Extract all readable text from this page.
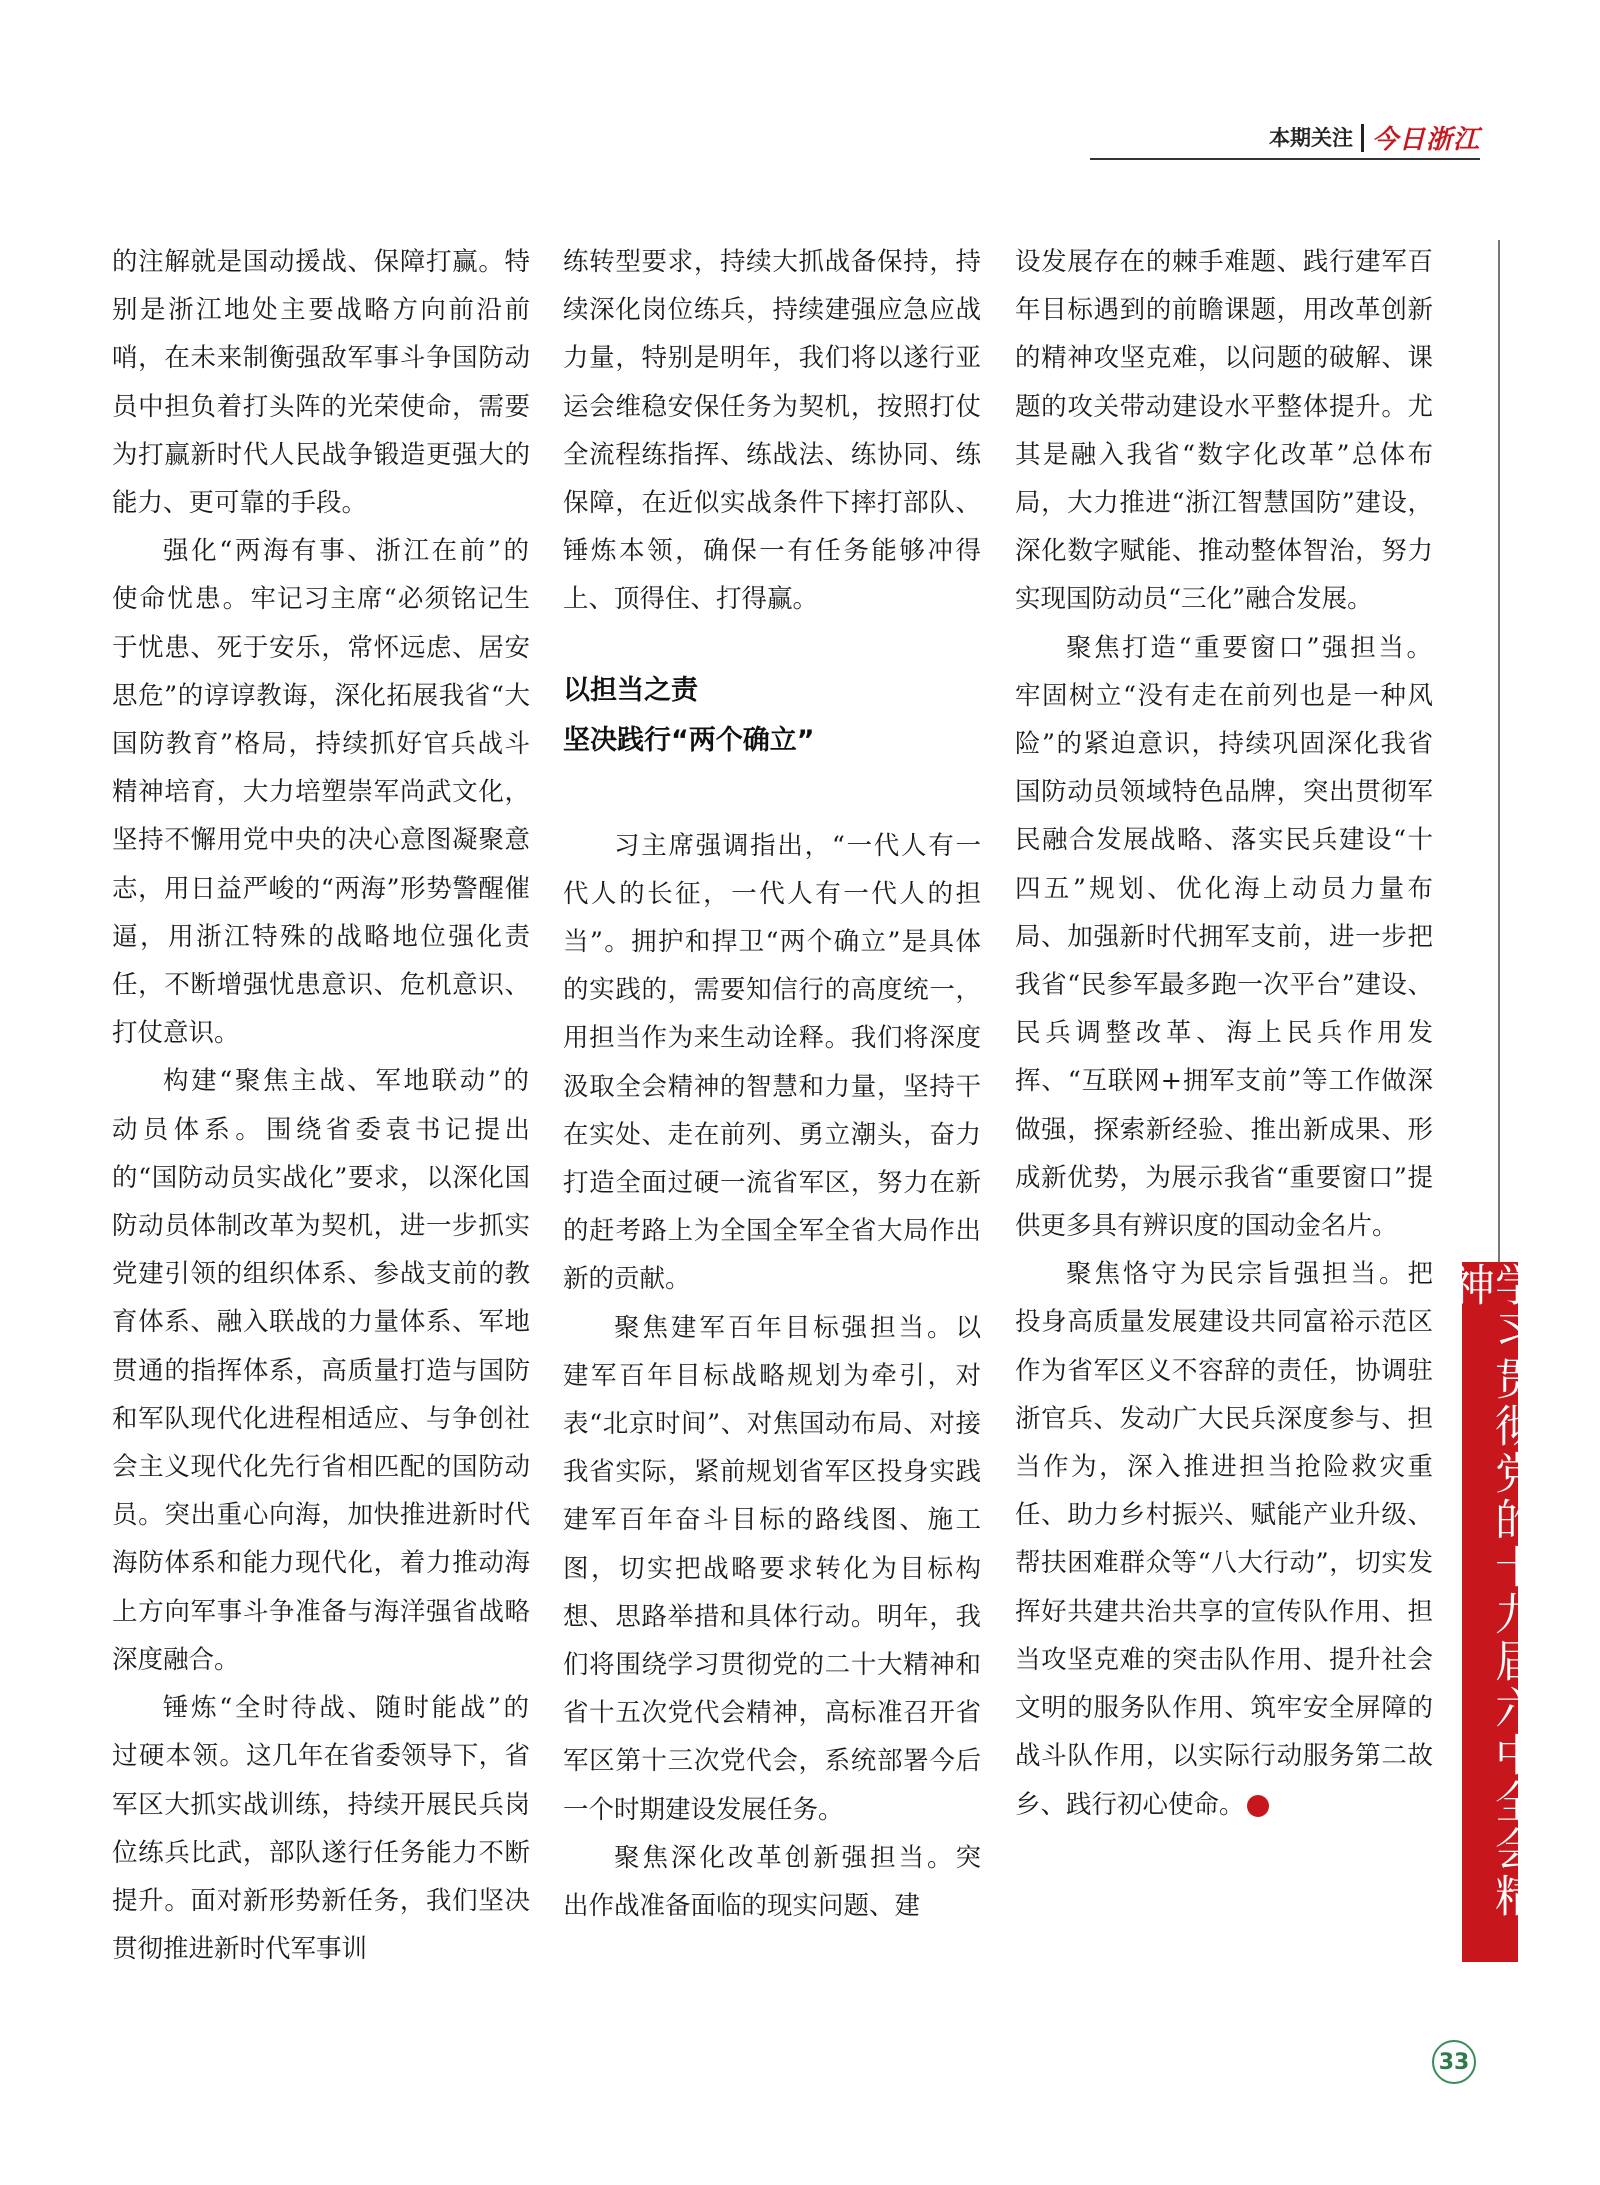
本期关注 今日浙江

的注解就是国动援战、保障打赢。特别是浙江地处主要战略方向前沿前哨，在未来制衡强敌军事斗争国防动员中担负着打头阵的光荣使命，需要为打赢新时代人民战争锻造更强大的能力、更可靠的手段。

强化“两海有事、浙江在前”的使命忧患。牢记习主席“必须铭记生于忧患、死于安乐，常怀远虑、居安思危”的谆谆教诲，深化拓展我省“大国防教育”格局，持续抓好官兵战斗精神培育，大力培塑崇军尚武文化，坚持不懈用党中央的决心意图凝聚意志，用日益严峻的“两海”形势警醒催逼，用浙江特殊的战略地位强化责任，不断增强忧患意识、危机意识、打仗意识。

构建“聚焦主战、军地联动”的动员体系。围绕省委袁书记提出的“国防动员实战化”要求，以深化国防动员体制改革为契机，进一步抓实党建引领的组织体系、参战支前的教育体系、融入联战的力量体系、军地贯通的指挥体系，高质量打造与国防和军队现代化进程相适应、与争创社会主义现代化先行省相匹配的国防动员。突出重心向海，加快推进新时代海防体系和能力现代化，着力推动海上方向军事斗争准备与海洋强省战略深度融合。

锤炼“全时待战、随时能战”的过硬本领。这几年在省委领导下，省军区大抓实战训练，持续开展民兵岗位练兵比武，部队遂行任务能力不断提升。面对新形势新任务，我们坚决贯彻推进新时代军事训

练转型要求，持续大抓战备保持，持续深化岗位练兵，持续建强应急应战力量，特别是明年，我们将以遂行亚运会维稳安保任务为契机，按照打仗全流程练指挥、练战法、练协同、练保障，在近似实战条件下摔打部队、锤炼本领，确保一有任务能够冲得上、顶得住、打得赢。

以担当之责
坚决践行“两个确立”

习主席强调指出，“一代人有一代人的长征，一代人有一代人的担当”。拥护和捍卫“两个确立”是具体的实践的，需要知信行的高度统一，用担当作为来生动诠释。我们将深度汲取全会精神的智慧和力量，坚持干在实处、走在前列、勇立潮头，奋力打造全面过硬一流省军区，努力在新的赶考路上为全国全军全省大局作出新的贡献。

聚焦建军百年目标强担当。以建军百年目标战略规划为牵引，对表“北京时间”、对焦国动布局、对接我省实际，紧前规划省军区投身实践建军百年奋斗目标的路线图、施工图，切实把战略要求转化为目标构想、思路举措和具体行动。明年，我们将围绕学习贯彻党的二十大精神和省十五次党代会精神，高标准召开省军区第十三次党代会，系统部署今后一个时期建设发展任务。

聚焦深化改革创新强担当。突出作战准备面临的现实问题、建

设发展存在的棘手难题、践行建军百年目标遇到的前瞻课题，用改革创新的精神攻坚克难，以问题的破解、课题的攻关带动建设水平整体提升。尤其是融入我省“数字化改革”总体布局，大力推进“浙江智慧国防”建设，深化数字赋能、推动整体智治，努力实现国防动员“三化”融合发展。

聚焦打造“重要窗口”强担当。牢固树立“没有走在前列也是一种风险”的紧迫意识，持续巩固深化我省国防动员领域特色品牌，突出贯彻军民融合发展战略、落实民兵建设“十四五”规划、优化海上动员力量布局、加强新时代拥军支前，进一步把我省“民参军最多跑一次平台”建设、民兵调整改革、海上民兵作用发挥、“互联网+拥军支前”等工作做深做强，探索新经验、推出新成果、形成新优势，为展示我省“重要窗口”提供更多具有辨识度的国动金名片。

聚焦恪守为民宗旨强担当。把投身高质量发展建设共同富裕示范区作为省军区义不容辞的责任，协调驻浙官兵、发动广大民兵深度参与、担当作为，深入推进担当抢险救灾重任、助力乡村振兴、赋能产业升级、帮扶困难群众等“八大行动”，切实发挥好共建共治共享的宣传队作用、担当攻坚克难的突击队作用、提升社会文明的服务队作用、筑牢安全屏障的战斗队作用，以实际行动服务第二故乡、践行初心使命。	今	学习贯彻党的十九届六中全会精神
33
